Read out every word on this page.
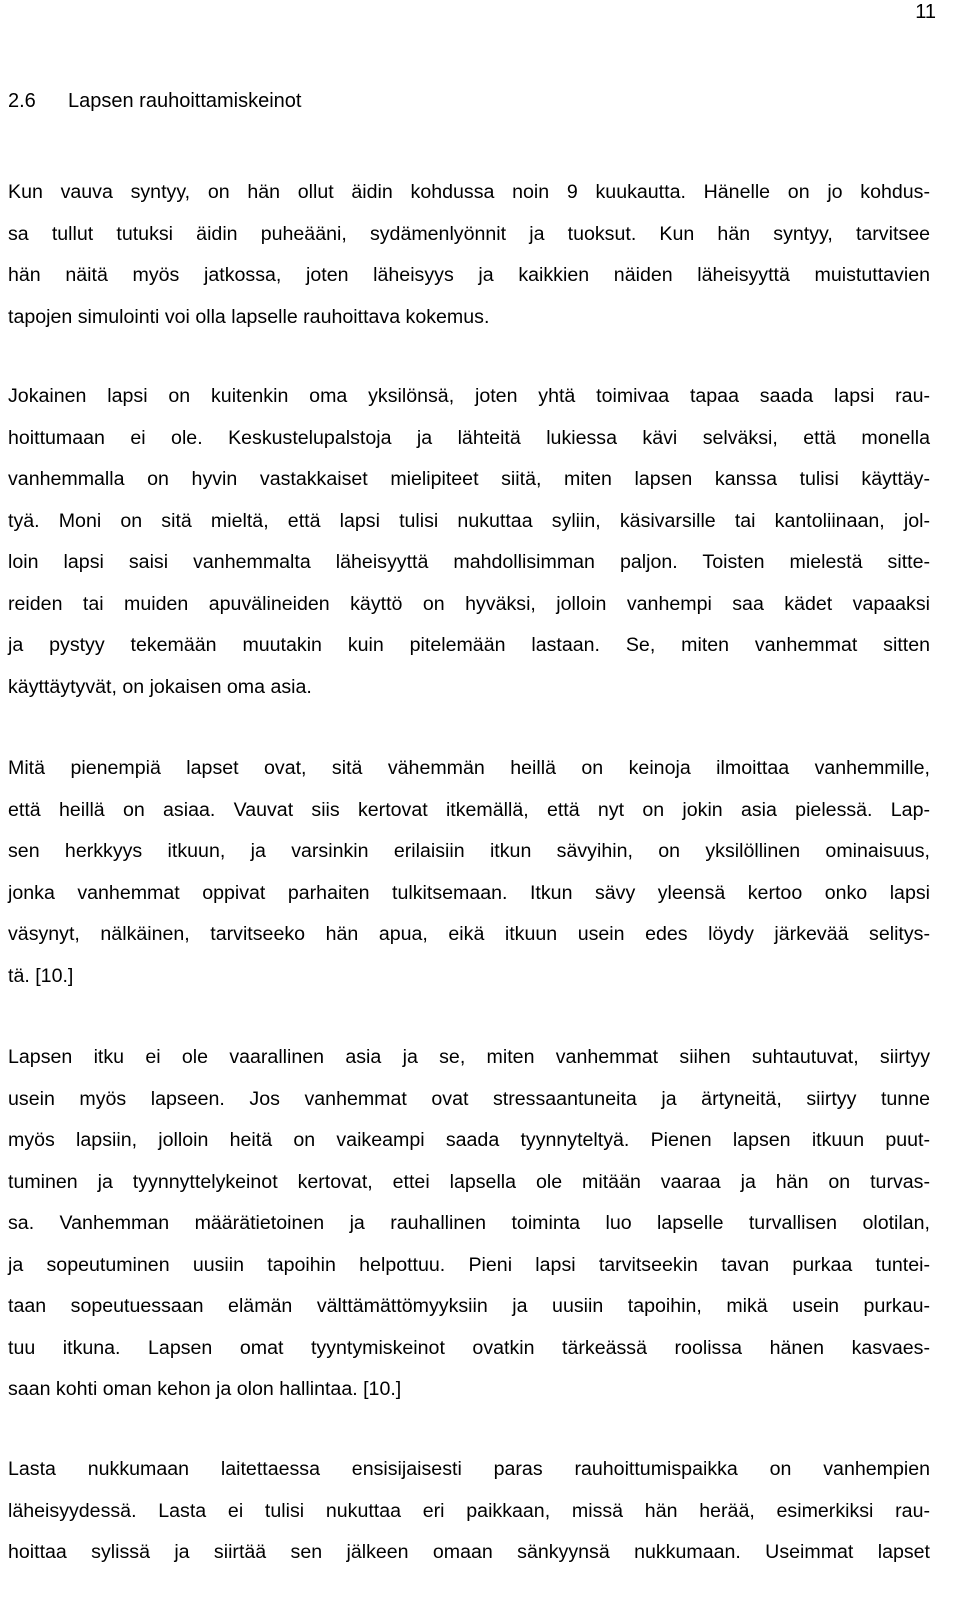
11
2.6 Lapsen rauhoittamiskeinot
Kun vauva syntyy, on hän ollut äidin kohdussa noin 9 kuukautta. Hänelle on jo kohdus-
sa tullut tutuksi äidin puheääni, sydämenlyönnit ja tuoksut. Kun hän syntyy, tarvitsee
hän näitä myös jatkossa, joten läheisyys ja kaikkien näiden läheisyyttä muistuttavien
tapojen simulointi voi olla lapselle rauhoittava kokemus.
Jokainen lapsi on kuitenkin oma yksilönsä, joten yhtä toimivaa tapaa saada lapsi rau-
hoittumaan ei ole. Keskustelupalstoja ja lähteitä lukiessa kävi selväksi, että monella
vanhemmalla on hyvin vastakkaiset mielipiteet siitä, miten lapsen kanssa tulisi käyttäy-
tyä. Moni on sitä mieltä, että lapsi tulisi nukuttaa syliin, käsivarsille tai kantoliinaan, jol-
loin lapsi saisi vanhemmalta läheisyyttä mahdollisimman paljon. Toisten mielestä sitte-
reiden tai muiden apuvälineiden käyttö on hyväksi, jolloin vanhempi saa kädet vapaaksi
ja pystyy tekemään muutakin kuin pitelemään lastaan. Se, miten vanhemmat sitten
käyttäytyvät, on jokaisen oma asia.
Mitä pienempiä lapset ovat, sitä vähemmän heillä on keinoja ilmoittaa vanhemmille,
että heillä on asiaa. Vauvat siis kertovat itkemällä, että nyt on jokin asia pielessä. Lap-
sen herkkyys itkuun, ja varsinkin erilaisiin itkun sävyihin, on yksilöllinen ominaisuus,
jonka vanhemmat oppivat parhaiten tulkitsemaan. Itkun sävy yleensä kertoo onko lapsi
väsynyt, nälkäinen, tarvitseeko hän apua, eikä itkuun usein edes löydy järkevää selitys-
tä. [10.]
Lapsen itku ei ole vaarallinen asia ja se, miten vanhemmat siihen suhtautuvat, siirtyy
usein myös lapseen. Jos vanhemmat ovat stressaantuneita ja ärtyneitä, siirtyy tunne
myös lapsiin, jolloin heitä on vaikeampi saada tyynnyteltyä. Pienen lapsen itkuun puut-
tuminen ja tyynnyttelykeinot kertovat, ettei lapsella ole mitään vaaraa ja hän on turvas-
sa. Vanhemman määrätietoinen ja rauhallinen toiminta luo lapselle turvallisen olotilan,
ja sopeutuminen uusiin tapoihin helpottuu. Pieni lapsi tarvitseekin tavan purkaa tuntei-
taan sopeutuessaan elämän välttämättömyyksiin ja uusiin tapoihin, mikä usein purkau-
tuu itkuna. Lapsen omat tyyntymiskeinot ovatkin tärkeässä roolissa hänen kasvaes-
saan kohti oman kehon ja olon hallintaa. [10.]
Lasta nukkumaan laitettaessa ensisijaisesti paras rauhoittumispaikka on vanhempien
läheisyydessä. Lasta ei tulisi nukuttaa eri paikkaan, missä hän herää, esimerkiksi rau-
hoittaa sylissä ja siirtää sen jälkeen omaan sänkyynsä nukkumaan. Useimmat lapset
